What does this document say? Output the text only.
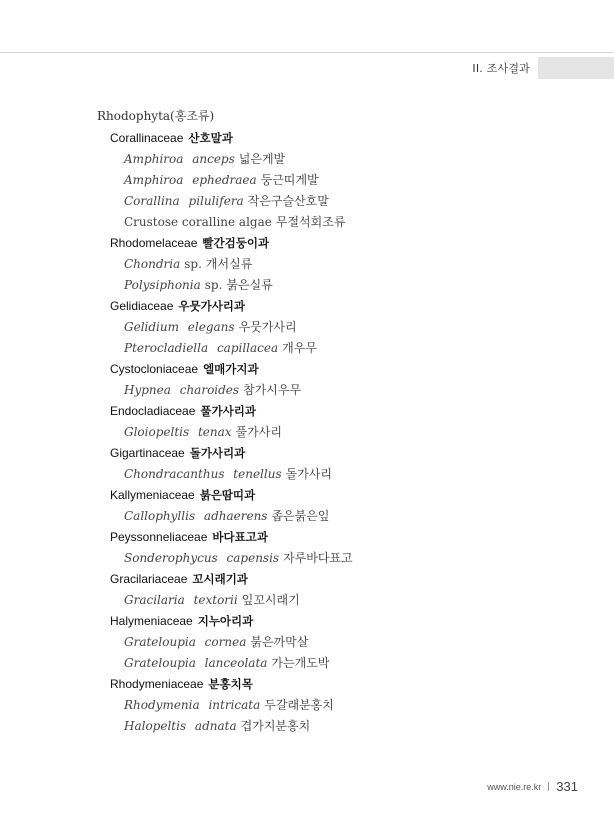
II. 조사결과
Rhodophyta(홍조류)
Corallinaceae 산호말과
Amphiroa anceps 넓은게발
Amphiroa ephedraea 둥근띠게발
Corallina pilulifera 작은구슬산호말
Crustose coralline algae 무절석회조류
Rhodomelaceae 빨간검둥이과
Chondria sp. 개서실류
Polysiphonia sp. 붉은실류
Gelidiaceae 우뭇가사리과
Gelidium elegans 우뭇가사리
Pterocladiella capillacea 개우무
Cystocloniaceae 엘매가지과
Hypnea charoides 참가시우무
Endocladiaceae 풀가사리과
Gloiopeltis tenax 풀가사리
Gigartinaceae 돌가사리과
Chondracanthus tenellus 돌가사리
Kallymeniaceae 붉은땀띠과
Callophyllis adhaerens 좁은붉은잎
Peyssonneliaceae 바다표고과
Sonderophycus capensis 자루바다표고
Gracilariaceae 꼬시래기과
Gracilaria textorii 잎꼬시래기
Halymeniaceae 지누아리과
Grateloupia cornea 붉은까막살
Grateloupia lanceolata 가는개도박
Rhodymeniaceae 분홍치목
Rhodymenia intricata 두갈래분홍치
Halopeltis adnata 겹가지분홍치
www.nie.re.kr 331
